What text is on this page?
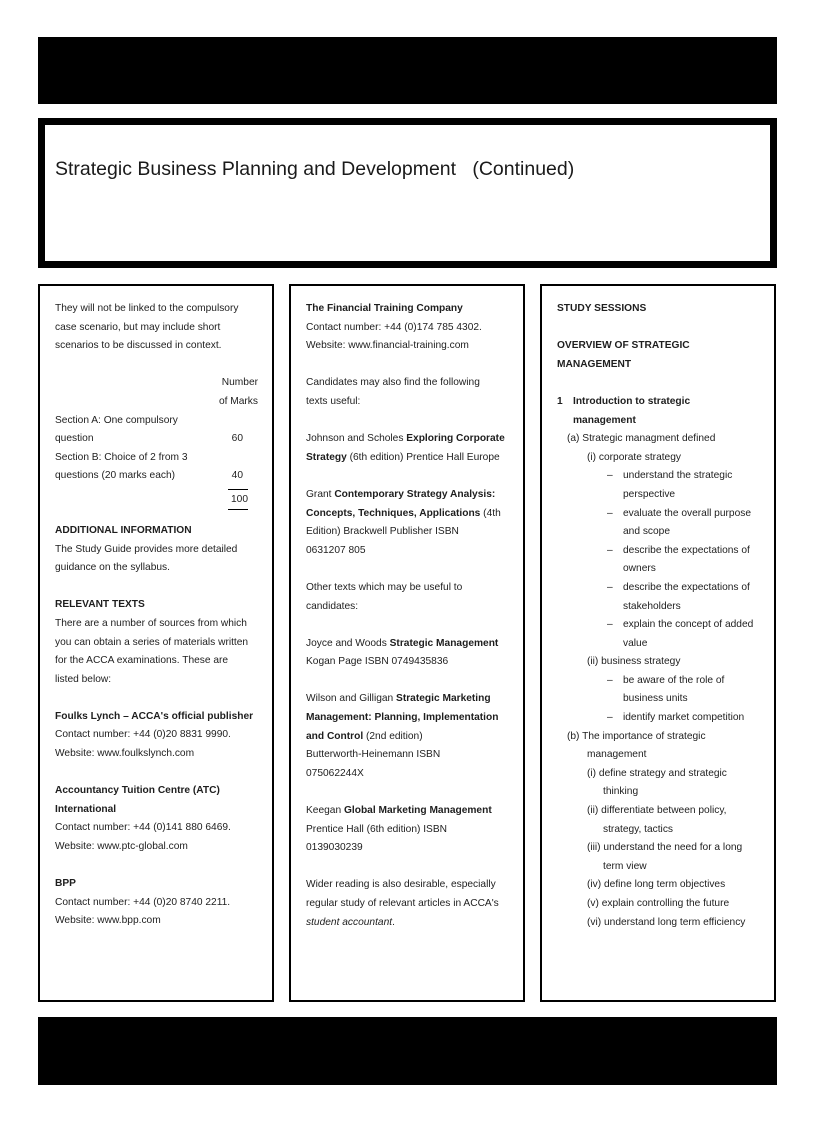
Strategic Business Planning and Development   (Continued)

They will not be linked to the compulsory

case scenario, but may include short

scenarios to be discussed in context.

Number

of Marks

Section A: One compulsory

question	60

Section B: Choice of 2 from 3

questions (20 marks each)	40
100

ADDITIONAL INFORMATION

The Study Guide provides more detailed

guidance on the syllabus.

RELEVANT TEXTS

There are a number of sources from which

you can obtain a series of materials written

for the ACCA examinations. These are

listed below:

Foulks Lynch – ACCA's official publisher

Contact number: +44 (0)20 8831 9990.

Website: www.foulkslynch.com

Accountancy Tuition Centre (ATC)

International

Contact number: +44 (0)141 880 6469.

Website: www.ptc-global.com

BPP

Contact number: +44 (0)20 8740 2211.

Website: www.bpp.com

The Financial Training Company

Contact number: +44 (0)174 785 4302.

Website: www.financial-training.com

Candidates may also find the following

texts useful:

Johnson and Scholes Exploring Corporate

Strategy (6th edition) Prentice Hall Europe

Grant Contemporary Strategy Analysis:

Concepts, Techniques, Applications (4th

Edition) Brackwell Publisher ISBN

0631207 805

Other texts which may be useful to

candidates:

Joyce and Woods Strategic Management

Kogan Page ISBN 0749435836

Wilson and Gilligan Strategic Marketing

Management: Planning, Implementation

and Control (2nd edition)

Butterworth-Heinemann ISBN

075062244X

Keegan Global Marketing Management

Prentice Hall (6th edition) ISBN

0139030239

Wider reading is also desirable, especially

regular study of relevant articles in ACCA's

student accountant.

STUDY SESSIONS

OVERVIEW OF STRATEGIC

MANAGEMENT

1	Introduction to strategic

management

(a) Strategic managment defined

(i) corporate strategy

–	understand the strategic

perspective

–	evaluate the overall purpose

and scope

–	describe the expectations of

owners

–	describe the expectations of

stakeholders

–	explain the concept of added

value

(ii) business strategy

–	be aware of the role of

business units

–	identify market competition

(b) The importance of strategic

management

(i)
define strategy and strategic

thinking

(ii)
differentiate between policy,

strategy, tactics

(iii)
understand the need for a long

term view

(iv)
define long term objectives
(v)
explain controlling the future
(vi)
understand long term efficiency
